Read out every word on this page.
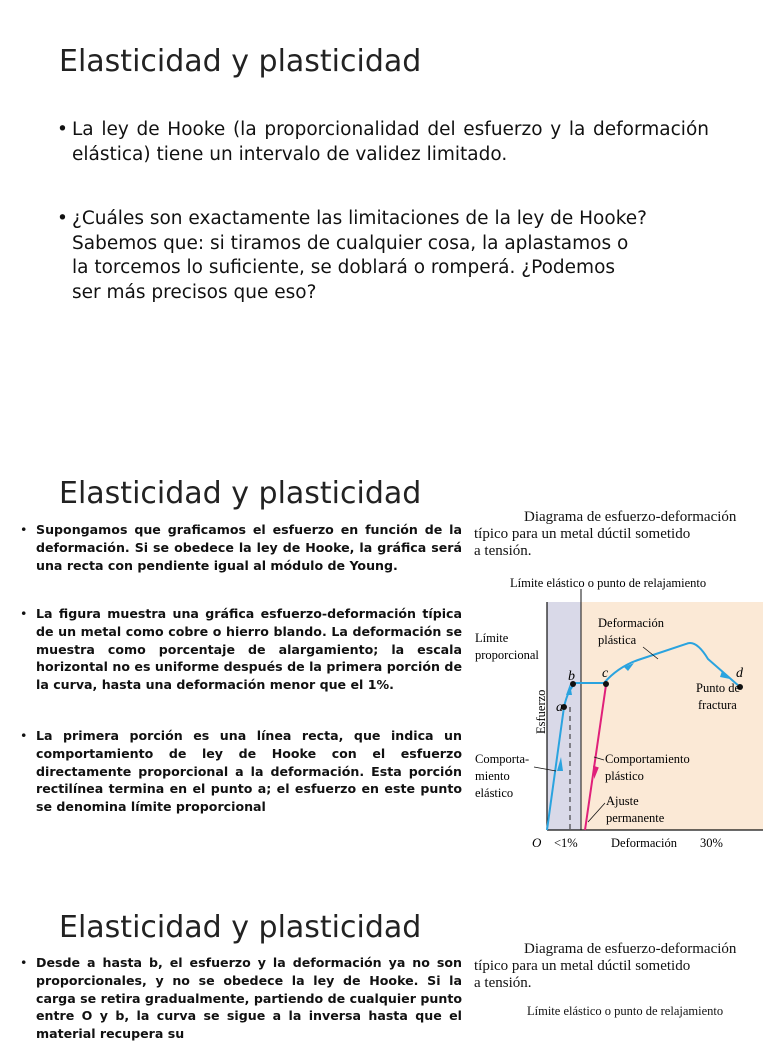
Elasticidad y plasticidad
• La ley de Hooke (la proporcionalidad del esfuerzo y la deformación elástica) tiene un intervalo de validez limitado.
• ¿Cuáles son exactamente las limitaciones de la ley de Hooke? Sabemos que: si tiramos de cualquier cosa, la aplastamos o la torcemos lo suficiente, se doblará o romperá. ¿Podemos ser más precisos que eso?
Elasticidad y plasticidad
• Supongamos que graficamos el esfuerzo en función de la deformación. Si se obedece la ley de Hooke, la gráfica será una recta con pendiente igual al módulo de Young.
• La figura muestra una gráfica esfuerzo-deformación típica de un metal como cobre o hierro blando. La deformación se muestra como porcentaje de alargamiento; la escala horizontal no es uniforme después de la primera porción de la curva, hasta una deformación menor que el 1%.
• La primera porción es una línea recta, que indica un comportamiento de ley de Hooke con el esfuerzo directamente proporcional a la deformación. Esta porción rectilínea termina en el punto a; el esfuerzo en este punto se denomina límite proporcional
Diagrama de esfuerzo-deformación
típico para un metal dúctil sometido
a tensión.
a
b c	d
Límite elástico o punto de relajamiento
Límite
proporcional
Deformación
plástica
Punto de
fractura
Esfuerzo
Comporta-
miento
elástico
Comportamiento
plástico
Ajuste
permanente
O <1%	Deformación 30%
Elasticidad y plasticidad
• Desde a hasta b, el esfuerzo y la deformación ya no son proporcionales, y no se obedece la ley de Hooke. Si la carga se retira gradualmente, partiendo de cualquier punto entre O y b, la curva se sigue a la inversa hasta que el material recupera su
Diagrama de esfuerzo-deformación
típico para un metal dúctil sometido
a tensión.
Límite elástico o punto de relajamiento
